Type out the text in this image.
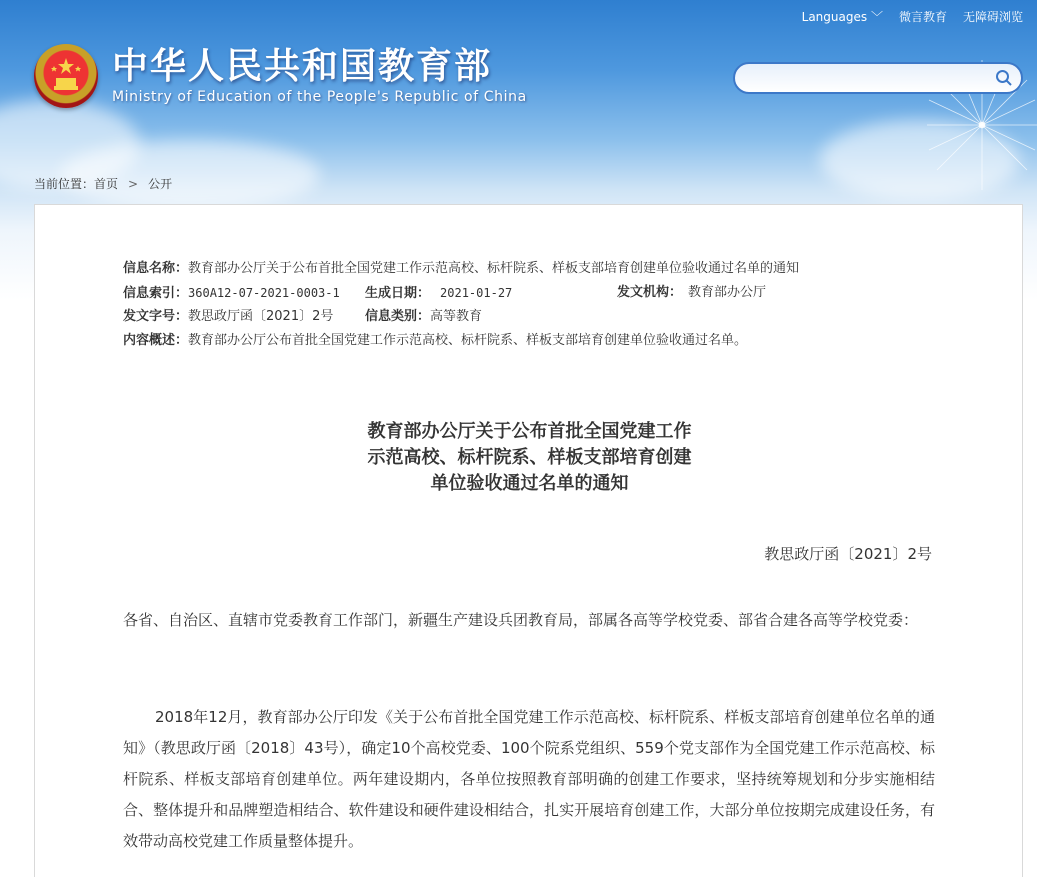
Languages ﹀ 微言教育 无障碍浏览
中华人民共和国教育部
Ministry of Education of the People's Republic of China
当前位置：首页 > 公开
信息名称：教育部办公厅关于公布首批全国党建工作示范高校、标杆院系、样板支部培育创建单位验收通过名单的通知
信息索引：360A12-07-2021-0003-1 生成日期： 2021-01-27	发文机构： 教育部办公厅
发文字号：教思政厅函〔2021〕2号 信息类别：高等教育
内容概述：教育部办公厅公布首批全国党建工作示范高校、标杆院系、样板支部培育创建单位验收通过名单。
教育部办公厅关于公布首批全国党建工作
示范高校、标杆院系、样板支部培育创建
单位验收通过名单的通知
教思政厅函〔2021〕2号

各省、自治区、直辖市党委教育工作部门，新疆生产建设兵团教育局，部属各高等学校党委、部省合建各高等学校党委：

2018年12月，教育部办公厅印发《关于公布首批全国党建工作示范高校、标杆院系、样板支部培育创建单位名单的通知》（教思政厅函〔2018〕43号），确定10个高校党委、100个院系党组织、559个党支部作为全国党建工作示范高校、标杆院系、样板支部培育创建单位。两年建设期内，各单位按照教育部明确的创建工作要求，坚持统筹规划和分步实施相结合、整体提升和品牌塑造相结合、软件建设和硬件建设相结合，扎实开展培育创建工作，大部分单位按期完成建设任务，有效带动高校党建工作质量整体提升。
